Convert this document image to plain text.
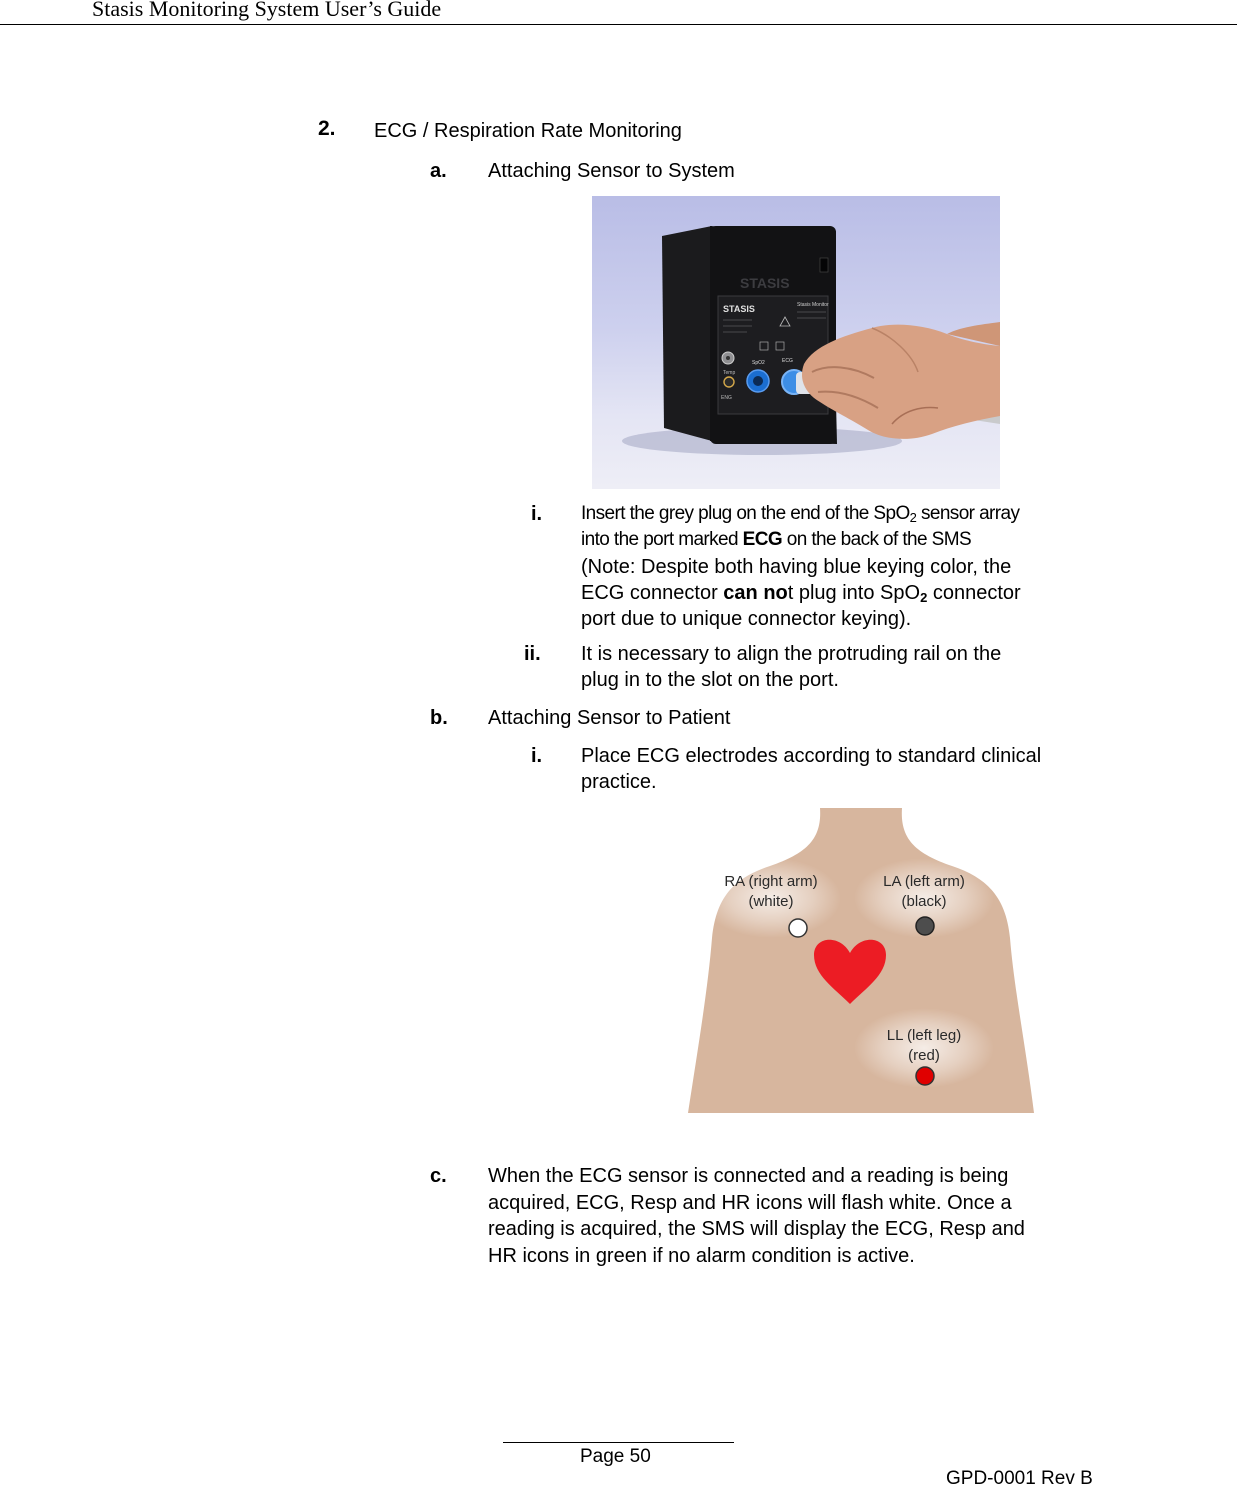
Stasis Monitoring System User’s Guide
2. ECG / Respiration Rate Monitoring
a. Attaching Sensor to System
STASIS
STASIS	Stasis Monitor
Temp
ENG
SpO2	ECG
i. Insert the grey plug on the end of the SpO$_2$ sensor array
into the port marked ECG on the back of the SMS
(Note: Despite both having blue keying color, the
ECG connector can not plug into SpO$_2$ connector
port due to unique connector keying).
ii. It is necessary to align the protruding rail on the
plug in to the slot on the port.
b. Attaching Sensor to Patient
i. Place ECG electrodes according to standard clinical
practice.
RA (right arm)
(white)
LA (left arm)
(black)
LL (left leg)
(red)
c. When the ECG sensor is connected and a reading is being
acquired, ECG, Resp and HR icons will flash white. Once a
reading is acquired, the SMS will display the ECG, Resp and
HR icons in green if no alarm condition is active.
Page 50
GPD-0001 Rev B
